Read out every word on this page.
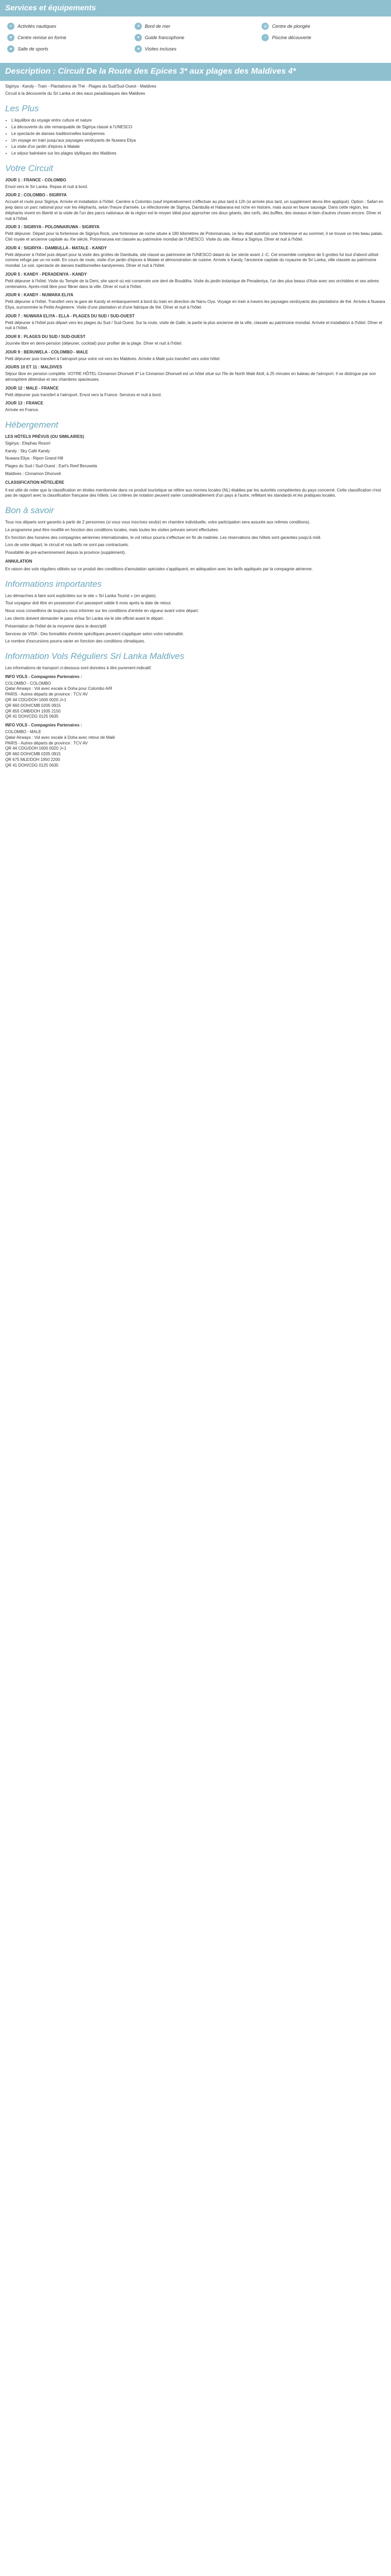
Services et équipements
≈	Activités nautiques	☀	Bord de mer	◎	Centre de plongée
♥	Centre remise en forme	✦	Guide francophone	~	Piscine découverte
●	Salle de sports	★	Visites incluses
Description : Circuit De la Route des Epices 3* aux plages des Maldives 4*

Sigiriya - Kandy - Train - Plantations de Thé - Plages du Sud/Sud-Ouest - Maldives

Circuit à la découverte du Sri Lanka et des eaux paradisiaques des Maldives

Les Plus
• L'équilibre du voyage entre culture et nature
• La découverte du site remarquable de Sigiriya classé à l'UNESCO
• Le spectacle de danses traditionnelles kandyennes
• Un voyage en train jusqu'aux paysages verdoyants de Nuwara Eliya
• La visite d'un jardin d'épices à Matale
• Le séjour balnéaire sur les plages idylliques des Maldives
Votre Circuit

JOUR 1 : FRANCE - COLOMBO

Envol vers le Sri Lanka. Repas et nuit à bord.

JOUR 2 : COLOMBO - SIGIRIYA

Accueil et route pour Sigiriya. Arrivée et installation à l'hôtel. Carrière à Colombo (sauf impérativement s'effectuer au plus tard à 12h (si arrivée plus tard, un supplément devra être appliqué). Option : Safari en jeep dans un parc national pour voir les éléphants, selon l'heure d'arrivée. Le réfectionnée de Sigiriya, Dambulla et Habarana est riche en histoire, mais aussi en faune sauvage. Dans cette région, les éléphants vivent en liberté et la visite de l'un des parcs nationaux de la région est le moyen idéal pour approcher ces doux géants, des cerfs, des buffles, des oiseaux et bien d'autres choses encore. Dîner et nuit à l'hôtel.

JOUR 3 : SIGIRIYA - POLONNARUWA - SIGIRIYA

Petit déjeuner. Départ pour la forteresse de Sigiriya Rock, une forteresse de roche située à 180 kilomètres de Polonnaruwa, ce lieu était autrefois une forteresse et au sommet, il se trouve un très beau palais. Cité royale et ancienne capitale au XIe siècle, Polonnaruwa est classée au patrimoine mondial de l'UNESCO. Visite du site. Retour à Sigiriya. Dîner et nuit à l'hôtel.

JOUR 4 : SIGIRIYA - DAMBULLA - MATALE - KANDY

Petit déjeuner à l'hôtel puis départ pour la visite des grottes de Dambulla, site classé au patrimoine de l'UNESCO datant du 1er siècle avant J.-C. Cet ensemble complexe de 5 grottes fut tout d'abord utilisé comme refuge par un roi exilé. En cours de route, visite d'un jardin d'épices à Matale et démonstration de cuisine. Arrivée à Kandy, l'ancienne capitale du royaume de Sri Lanka, ville classée au patrimoine mondial. Le soir, spectacle de danses traditionnelles kandyennes. Dîner et nuit à l'hôtel.

JOUR 5 : KANDY - PERADENIYA - KANDY

Petit déjeuner à l'hôtel. Visite du Temple de la Dent, site sacré où est conservée une dent de Bouddha. Visite du jardin botanique de Peradeniya, l'un des plus beaux d'Asie avec ses orchidées et ses arbres centenaires. Après-midi libre pour flâner dans la ville. Dîner et nuit à l'hôtel.

JOUR 6 : KANDY - NUWARA ELIYA

Petit déjeuner à l'hôtel. Transfert vers la gare de Kandy et embarquement à bord du train en direction de Nanu Oya. Voyage en train à travers les paysages verdoyants des plantations de thé. Arrivée à Nuwara Eliya, surnommée la Petite Angleterre. Visite d'une plantation et d'une fabrique de thé. Dîner et nuit à l'hôtel.

JOUR 7 : NUWARA ELIYA - ELLA - PLAGES DU SUD / SUD-OUEST

Petit déjeuner à l'hôtel puis départ vers les plages du Sud / Sud-Ouest. Sur la route, visite de Galle, la partie la plus ancienne de la ville, classée au patrimoine mondial. Arrivée et installation à l'hôtel. Dîner et nuit à l'hôtel.

JOUR 8 : PLAGES DU SUD / SUD-OUEST

Journée libre en demi-pension (déjeuner, cocktail) pour profiter de la plage. Dîner et nuit à l'hôtel.

JOUR 9 : BERUWELA - COLOMBO - MALE

Petit déjeuner puis transfert à l'aéroport pour votre vol vers les Maldives. Arrivée à Malé puis transfert vers votre hôtel.

JOURS 10 ET 11 : MALDIVES

Séjour libre en pension complète. VOTRE HÔTEL Cinnamon Dhonveli 4* Le Cinnamon Dhonveli est un hôtel situé sur l'île de North Malé Atoll, à 25 minutes en bateau de l'aéroport. Il se distingue par son atmosphère détendue et ses chambres spacieuses.

JOUR 12 : MALE - FRANCE

Petit déjeuner puis transfert à l'aéroport. Envol vers la France. Services et nuit à bord.

JOUR 13 : FRANCE

Arrivée en France.

Hébergement

LES HÔTELS PRÉVUS (OU SIMILAIRES)

Sigiriya : Elephas Resort

Kandy : Sky Café Kandy

Nuwara Eliya : Ripon Grand Hill

Plages du Sud / Sud-Ouest : Earl's Reef Beruwela

Maldives : Cinnamon Dhonveli

CLASSIFICATION HÔTELIÈRE

Il est utile de noter que la classification en étoiles mentionnée dans ce produit touristique se réfère aux normes locales (NL) établies par les autorités compétentes du pays concerné. Cette classification n'est pas de rapport avec la classification française des hôtels. Les critères de notation peuvent varier considérablement d'un pays à l'autre, reflétant les standards et les pratiques locales.

Bon à savoir

Tous nos départs sont garantis à partir de 2 personnes (si vous vous inscrivez seul(e) en chambre individuelle, votre participation sera assurée aux mêmes conditions).

Le programme peut être modifié en fonction des conditions locales, mais toutes les visites prévues seront effectuées.

En fonction des horaires des compagnies aériennes internationales, le vol retour pourra s'effectuer en fin de matinée. Les réservations des hôtels sont garanties jusqu'à midi.

Lors de votre départ, le circuit et nos tarifs ne sont pas contractuels.

Possibilité de pré-acheminement depuis la province (supplément).

ANNULATION

En raison des vols réguliers utilisés sur ce produit des conditions d'annulation spéciales s'appliquent, en adéquation avec les tarifs appliqués par la compagnie aérienne.

Informations importantes

Les démarches à faire sont explicitées sur le site « Sri Lanka Tourist » (en anglais).

Tout voyageur doit être en possession d'un passeport valide 6 mois après la date de retour.

Nous vous conseillons de toujours vous informer sur les conditions d'entrée en vigueur avant votre départ.

Les clients doivent demander le pass eVisa Sri Lanka via le site officiel avant le départ.

Présentation de l'hôtel de la moyenne dans le descriptif.

Services de VISA : Des formalités d'entrée spécifiques peuvent s'appliquer selon votre nationalité.

Le nombre d'excursions pourra varier en fonction des conditions climatiques.

Information Vols Réguliers Sri Lanka Maldives

Les informations de transport ci-dessous sont données à titre purement indicatif.

INFO VOLS - Compagnies Partenaires :

COLOMBO - COLOMBO

Qatar Airways : Vol avec escale à Doha pour Colombo A/R

PARIS - Autres départs de province : TCV AV

QR 44 CDG/DOH 1600 0020 J+1

QR 660 DOH/CMB 0205 0915

QR 655 CMB/DOH 1935 2150

QR 41 DOH/CDG 0125 0635

INFO VOLS - Compagnies Partenaires :

COLOMBO - MALE

Qatar Airways : Vol avec escale à Doha avec retour de Malé

PARIS - Autres départs de province : TCV AV

QR 44 CDG/DOH 1600 0020 J+1

QR 660 DOH/CMB 0205 0915

QR 675 MLE/DOH 1950 2200

QR 41 DOH/CDG 0125 0635
